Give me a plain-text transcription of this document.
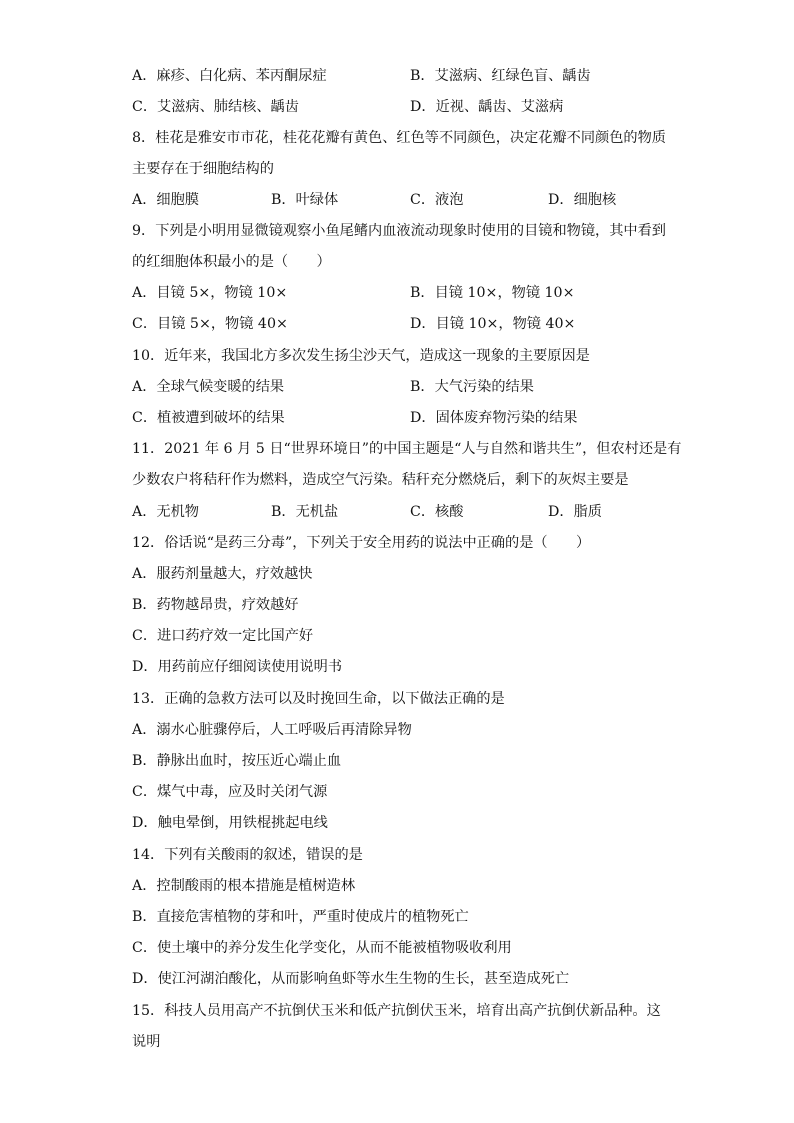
A．麻疹、白化病、苯丙酮尿症	B．艾滋病、红绿色盲、龋齿
C．艾滋病、肺结核、龋齿	D．近视、龋齿、艾滋病
8．桂花是雅安市市花，桂花花瓣有黄色、红色等不同颜色，决定花瓣不同颜色的物质
主要存在于细胞结构的
A．细胞膜	B．叶绿体	C．液泡	D．细胞核
9．下列是小明用显微镜观察小鱼尾鳍内血液流动现象时使用的目镜和物镜，其中看到
的红细胞体积最小的是（　　）
A．目镜 5×，物镜 10×	B．目镜 10×，物镜 10×
C．目镜 5×，物镜 40×	D．目镜 10×，物镜 40×
10．近年来，我国北方多次发生扬尘沙天气，造成这一现象的主要原因是
A．全球气候变暖的结果	B．大气污染的结果
C．植被遭到破坏的结果	D．固体废弃物污染的结果
11．2021 年 6 月 5 日“世界环境日”的中国主题是“人与自然和谐共生”，但农村还是有
少数农户将秸秆作为燃料，造成空气污染。秸秆充分燃烧后，剩下的灰烬主要是
A．无机物	B．无机盐	C．核酸	D．脂质
12．俗话说“是药三分毒”，下列关于安全用药的说法中正确的是（　　）
A．服药剂量越大，疗效越快
B．药物越昂贵，疗效越好
C．进口药疗效一定比国产好
D．用药前应仔细阅读使用说明书
13．正确的急救方法可以及时挽回生命，以下做法正确的是
A．溺水心脏骤停后，人工呼吸后再清除异物
B．静脉出血时，按压近心端止血
C．煤气中毒，应及时关闭气源
D．触电晕倒，用铁棍挑起电线
14．下列有关酸雨的叙述，错误的是
A．控制酸雨的根本措施是植树造林
B．直接危害植物的芽和叶，严重时使成片的植物死亡
C．使土壤中的养分发生化学变化，从而不能被植物吸收利用
D．使江河湖泊酸化，从而影响鱼虾等水生生物的生长，甚至造成死亡
15．科技人员用高产不抗倒伏玉米和低产抗倒伏玉米，培育出高产抗倒伏新品种。这
说明
